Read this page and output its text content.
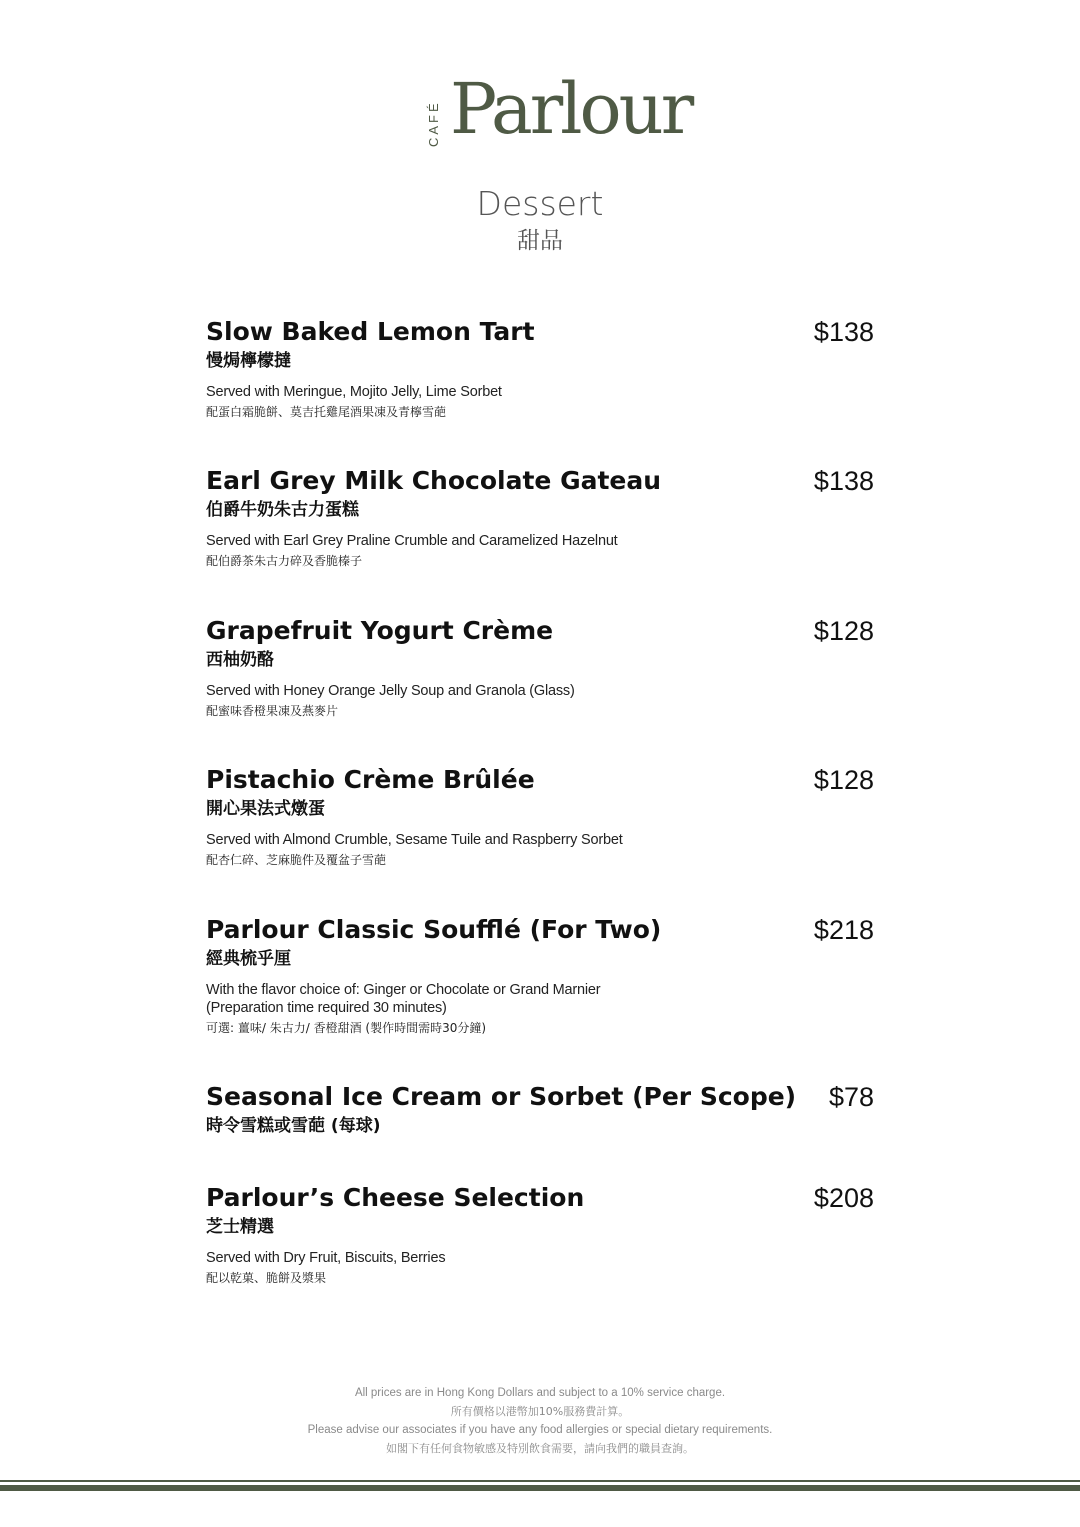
CAFÉ Parlour
Dessert
甜品
Slow Baked Lemon Tart	$138
慢焗檸檬撻
Served with Meringue, Mojito Jelly, Lime Sorbet
配蛋白霜脆餅、莫吉托雞尾酒果凍及青檸雪葩
Earl Grey Milk Chocolate Gateau	$138
伯爵牛奶朱古力蛋糕
Served with Earl Grey Praline Crumble and Caramelized Hazelnut
配伯爵茶朱古力碎及香脆榛子
Grapefruit Yogurt Crème	$128
西柚奶酪
Served with Honey Orange Jelly Soup and Granola (Glass)
配蜜味香橙果凍及燕麥片
Pistachio Crème Brûlée	$128
開心果法式燉蛋
Served with Almond Crumble, Sesame Tuile and Raspberry Sorbet
配杏仁碎、芝麻脆件及覆盆子雪葩
Parlour Classic Soufflé (For Two)	$218
經典梳乎厘
With the flavor choice of: Ginger or Chocolate or Grand Marnier
(Preparation time required 30 minutes)
可選: 薑味/ 朱古力/ 香橙甜酒 (製作時間需時30分鐘)
Seasonal Ice Cream or Sorbet (Per Scope)	$78
時令雪糕或雪葩 (每球)
Parlour’s Cheese Selection	$208
芝士精選
Served with Dry Fruit, Biscuits, Berries
配以乾菓、脆餅及漿果
All prices are in Hong Kong Dollars and subject to a 10% service charge.
所有價格以港幣加10%服務費計算。
Please advise our associates if you have any food allergies or special dietary requirements.
如閣下有任何食物敏感及特別飲食需要，請向我們的職員查詢。
